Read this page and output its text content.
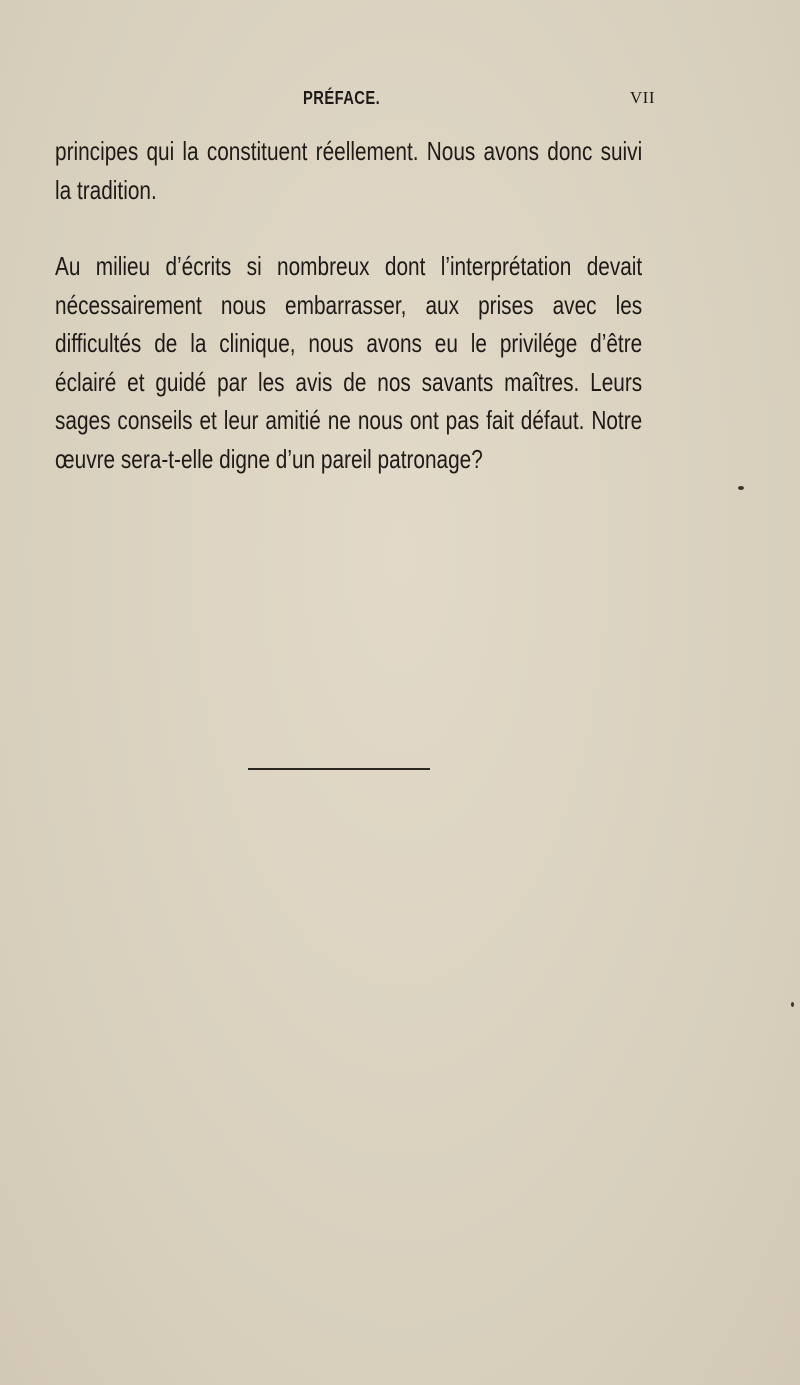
PRÉFACE.	VII

principes qui la constituent réellement. Nous avons donc suivi la tradition.

Au milieu d’écrits si nombreux dont l’interprétation devait nécessairement nous embarrasser, aux prises avec les difficultés de la clinique, nous avons eu le privilége d’être éclairé et guidé par les avis de nos savants maîtres. Leurs sages conseils et leur amitié ne nous ont pas fait défaut. Notre œuvre sera-t-elle digne d’un pareil patronage?
